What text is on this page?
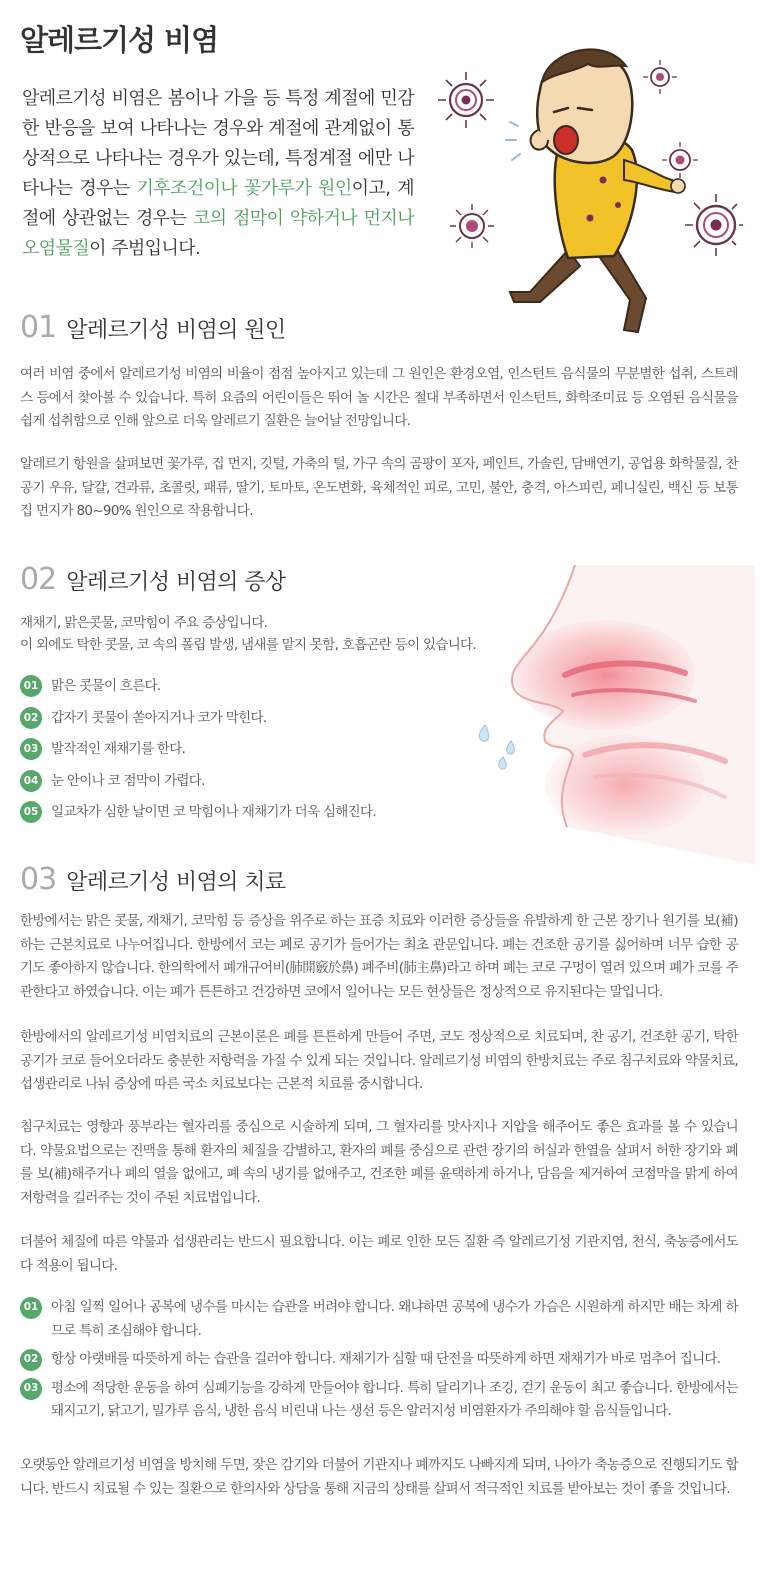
알레르기성 비염
알레르기성 비염은 봄이나 가을 등 특정 계절에 민감한 반응을 보여 나타나는 경우와 계절에 관계없이 통상적으로 나타나는 경우가 있는데, 특정계절 에만 나타나는 경우는 기후조건이나 꽃가루가 원인이고, 계절에 상관없는 경우는 코의 점막이 약하거나 먼지나 오염물질이 주범입니다.
01 알레르기성 비염의 원인

여러 비염 중에서 알레르기성 비염의 비율이 점점 높아지고 있는데 그 원인은 환경오염, 인스턴트 음식물의 무분별한 섭취, 스트레스 등에서 찾아볼 수 있습니다. 특히 요즘의 어린이들은 뛰어 놀 시간은 절대 부족하면서 인스턴트, 화학조미료 등 오염된 음식물을 쉽게 섭취함으로 인해 앞으로 더욱 알레르기 질환은 늘어날 전망입니다.

알레르기 항원을 살펴보면 꽃가루, 집 먼지, 깃털, 가축의 털, 가구 속의 곰팡이 포자, 페인트, 가솔린, 담배연기, 공업용 화학물질, 찬 공기 우유, 달걀, 견과류, 초콜릿, 패류, 딸기, 토마토, 온도변화, 육체적인 피로, 고민, 불안, 충격, 아스피린, 페니실린, 백신 등 보통 집 먼지가 80~90% 원인으로 작용합니다.

02 알레르기성 비염의 증상
재채기, 맑은콧물, 코막힘이 주요 증상입니다.
이 외에도 탁한 콧물, 코 속의 폴립 발생, 냄새를 맡지 못함, 호흡곤란 등이 있습니다.
01 맑은 콧물이 흐른다.
02 갑자기 콧물이 쏟아지거나 코가 막힌다.
03 발작적인 재채기를 한다.
04 눈 안이나 코 점막이 가렵다.
05 일교차가 심한 날이면 코 막힘이나 재채기가 더욱 심해진다.
03 알레르기성 비염의 치료

한방에서는 맑은 콧물, 재채기, 코막힘 등 증상을 위주로 하는 표증 치료와 이러한 증상들을 유발하게 한 근본 장기나 원기를 보(補)하는 근본치료로 나누어집니다. 한방에서 코는 폐로 공기가 들어가는 최초 관문입니다. 폐는 건조한 공기를 싫어하며 너무 습한 공기도 좋아하지 않습니다. 한의학에서 폐개규어비(肺開竅於鼻) 폐주비(肺主鼻)라고 하며 폐는 코로 구멍이 열려 있으며 폐가 코를 주관한다고 하였습니다. 이는 폐가 튼튼하고 건강하면 코에서 일어나는 모든 현상들은 정상적으로 유지된다는 말입니다.

한방에서의 알레르기성 비염치료의 근본이론은 폐를 튼튼하게 만들어 주면, 코도 정상적으로 치료되며, 찬 공기, 건조한 공기, 탁한 공기가 코로 들어오더라도 충분한 저항력을 가질 수 있게 되는 것입니다. 알레르기성 비염의 한방치료는 주로 침구치료와 약물치료, 섭생관리로 나눠 증상에 따른 국소 치료보다는 근본적 치료를 중시합니다.

침구치료는 영향과 풍부라는 혈자리를 중심으로 시술하게 되며, 그 혈자리를 맛사지나 지압을 해주어도 좋은 효과를 볼 수 있습니다. 약물요법으로는 진맥을 통해 환자의 체질을 감별하고, 환자의 폐를 중심으로 관련 장기의 허실과 한열을 살펴서 허한 장기와 폐를 보(補)해주거나 폐의 열을 없애고, 폐 속의 냉기를 없애주고, 건조한 폐를 윤택하게 하거나, 담음을 제거하여 코점막을 맑게 하여 저항력을 길러주는 것이 주된 치료법입니다.

더불어 체질에 따른 약물과 섭생관리는 반드시 필요합니다. 이는 폐로 인한 모든 질환 즉 알레르기성 기관지염, 천식, 축농증에서도 다 적용이 됩니다.

01 아침 일찍 일어나 공복에 냉수를 마시는 습관을 버려야 합니다. 왜냐하면 공복에 냉수가 가슴은 시원하게 하지만 배는 차게 하므로 특히 조심해야 합니다.
02 항상 아랫배를 따뜻하게 하는 습관을 길러야 합니다. 재채기가 심할 때 단전을 따뜻하게 하면 재채기가 바로 멈추어 집니다.
03 평소에 적당한 운동을 하여 심폐기능을 강하게 만들어야 합니다. 특히 달리기나 조깅, 걷기 운동이 최고 좋습니다. 한방에서는 돼지고기, 닭고기, 밀가루 음식, 냉한 음식 비린내 나는 생선 등은 알러지성 비염환자가 주의해야 할 음식들입니다.

오랫동안 알레르기성 비염을 방치해 두면, 잦은 감기와 더불어 기관지나 폐까지도 나빠지게 되며, 나아가 축농증으로 진행되기도 합니다. 반드시 치료될 수 있는 질환으로 한의사와 상담을 통해 지금의 상태를 살펴서 적극적인 치료를 받아보는 것이 좋을 것입니다.
